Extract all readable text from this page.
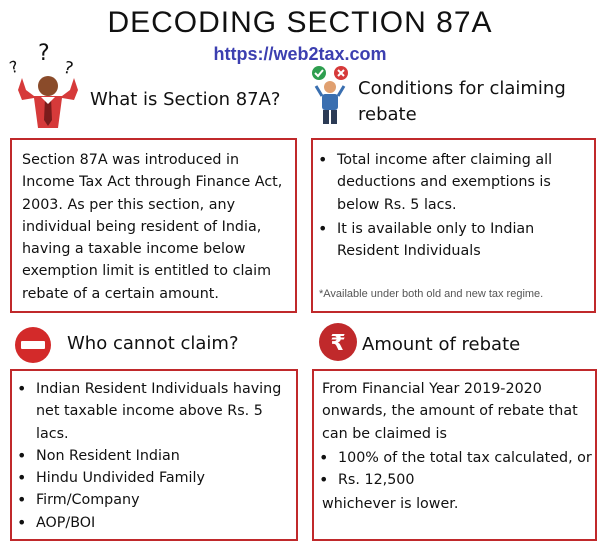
DECODING SECTION 87A
https://web2tax.com
?
?
?
What is Section 87A?
Conditions for claiming
rebate
Section 87A was introduced in Income Tax Act through Finance Act, 2003. As per this section, any individual being resident of India, having a taxable income below exemption limit is entitled to claim rebate of a certain amount.
• Total income after claiming all deductions and exemptions is below Rs. 5 lacs.
• It is available only to Indian Resident Individuals
*Available under both old and new tax regime.
Who cannot claim?	₹ Amount of rebate
• Indian Resident Individuals having net taxable income above Rs. 5 lacs.
• Non Resident Indian
• Hindu Undivided Family
• Firm/Company
• AOP/BOI
From Financial Year 2019-2020 onwards, the amount of rebate that can be claimed is
• 100% of the total tax calculated, or
• Rs. 12,500
whichever is lower.
